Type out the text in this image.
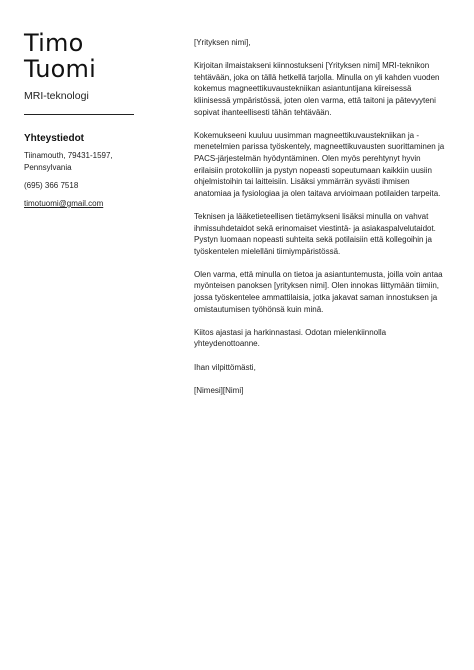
Timo
Tuomi
MRI-teknologi
Yhteystiedot
Tiinamouth, 79431-1597,
Pennsylvania
(695) 366 7518
timotuomi@gmail.com

[Yrityksen nimi],

Kirjoitan ilmaistakseni kiinnostukseni [Yrityksen nimi] MRI-teknikon tehtävään, joka on tällä hetkellä tarjolla. Minulla on yli kahden vuoden kokemus magneettikuvaustekniikan asiantuntijana kiireisessä kliinisessä ympäristössä, joten olen varma, että taitoni ja pätevyyteni sopivat ihanteellisesti tähän tehtävään.

Kokemukseeni kuuluu uusimman magneettikuvaustekniikan ja -menetelmien parissa työskentely, magneettikuvausten suorittaminen ja PACS-järjestelmän hyödyntäminen. Olen myös perehtynyt hyvin erilaisiin protokolliin ja pystyn nopeasti sopeutumaan kaikkiin uusiin ohjelmistoihin tai laitteisiin. Lisäksi ymmärrän syvästi ihmisen anatomiaa ja fysiologiaa ja olen taitava arvioimaan potilaiden tarpeita.

Teknisen ja lääketieteellisen tietämykseni lisäksi minulla on vahvat ihmissuhdetaidot sekä erinomaiset viestintä- ja asiakaspalvelutaidot. Pystyn luomaan nopeasti suhteita sekä potilaisiin että kollegoihin ja työskentelen mielelläni tiimiympäristössä.

Olen varma, että minulla on tietoa ja asiantuntemusta, joilla voin antaa myönteisen panoksen [yrityksen nimi]. Olen innokas liittymään tiimiin, jossa työskentelee ammattilaisia, jotka jakavat saman innostuksen ja omistautumisen työhönsä kuin minä.

Kiitos ajastasi ja harkinnastasi. Odotan mielenkiinnolla yhteydenottoanne.

Ihan vilpittömästi,

[Nimesi][Nimi]
